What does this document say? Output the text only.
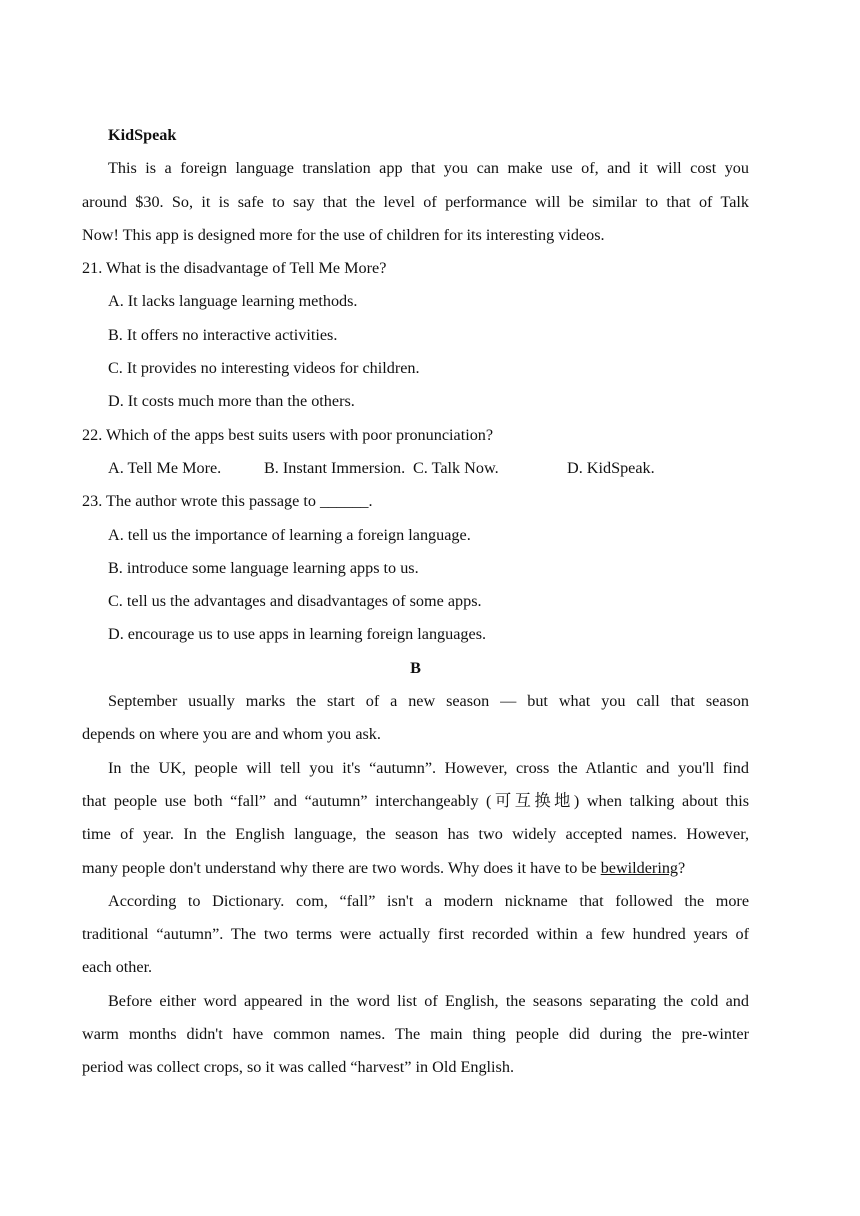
KidSpeak
This is a foreign language translation app that you can make use of, and it will cost you
around $30. So, it is safe to say that the level of performance will be similar to that of Talk
Now! This app is designed more for the use of children for its interesting videos.
21. What is the disadvantage of Tell Me More?
A. It lacks language learning methods.
B. It offers no interactive activities.
C. It provides no interesting videos for children.
D. It costs much more than the others.
22. Which of the apps best suits users with poor pronunciation?
A. Tell Me More.	B. Instant Immersion. C. Talk Now.	D. KidSpeak.
23. The author wrote this passage to ______.
A. tell us the importance of learning a foreign language.
B. introduce some language learning apps to us.
C. tell us the advantages and disadvantages of some apps.
D. encourage us to use apps in learning foreign languages.
B
September usually marks the start of a new season — but what you call that season
depends on where you are and whom you ask.
In the UK, people will tell you it's “autumn”. However, cross the Atlantic and you'll find
that people use both “fall” and “autumn” interchangeably (可互换地) when talking about this
time of year. In the English language, the season has two widely accepted names. However,
many people don't understand why there are two words. Why does it have to be bewildering?
According to Dictionary. com, “fall” isn't a modern nickname that followed the more
traditional “autumn”. The two terms were actually first recorded within a few hundred years of
each other.
Before either word appeared in the word list of English, the seasons separating the cold and
warm months didn't have common names. The main thing people did during the pre-winter
period was collect crops, so it was called “harvest” in Old English.
